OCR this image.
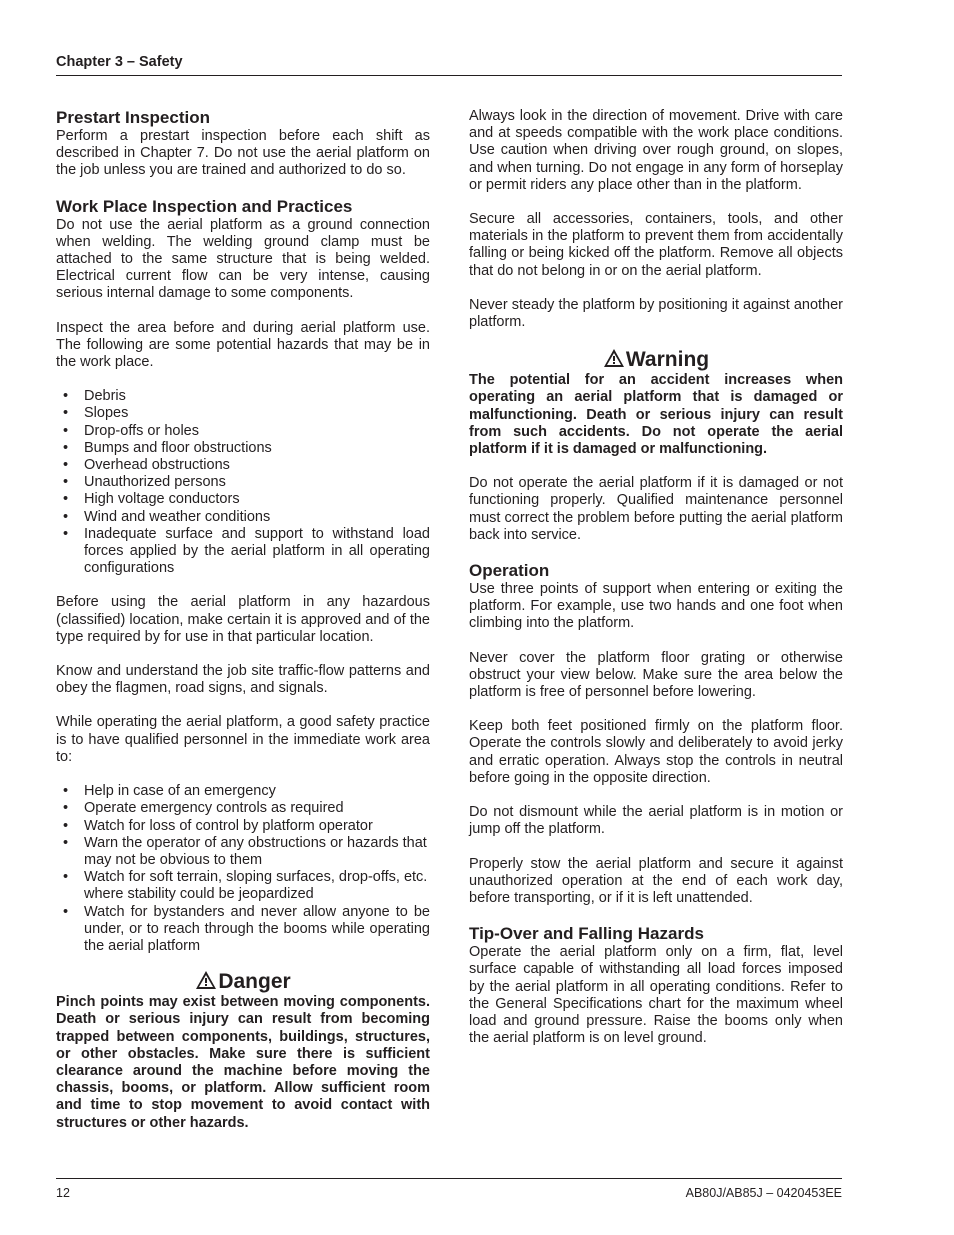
Chapter 3 – Safety
Prestart Inspection

Perform a prestart inspection before each shift as described in Chapter 7. Do not use the aerial platform on the job unless you are trained and authorized to do so.

Work Place Inspection and Practices

Do not use the aerial platform as a ground connection when welding. The welding ground clamp must be attached to the same structure that is being welded. Electrical current flow can be very intense, causing serious internal damage to some components.

Inspect the area before and during aerial platform use. The following are some potential hazards that may be in the work place.

• Debris
• Slopes
• Drop-offs or holes
• Bumps and floor obstructions
• Overhead obstructions
• Unauthorized persons
• High voltage conductors
• Wind and weather conditions
• Inadequate surface and support to withstand load forces applied by the aerial platform in all operating configurations

Before using the aerial platform in any hazardous (classified) location, make certain it is approved and of the type required by for use in that particular location.

Know and understand the job site traffic-flow patterns and obey the flagmen, road signs, and signals.

While operating the aerial platform, a good safety practice is to have qualified personnel in the immediate work area to:

• Help in case of an emergency
• Operate emergency controls as required
• Watch for loss of control by platform operator
• Warn the operator of any obstructions or hazards that may not be obvious to them
• Watch for soft terrain, sloping surfaces, drop-offs, etc. where stability could be jeopardized
• Watch for bystanders and never allow anyone to be under, or to reach through the booms while operating the aerial platform
Danger

Pinch points may exist between moving components. Death or serious injury can result from becoming trapped between components, buildings, structures, or other obstacles. Make sure there is sufficient clearance around the machine before moving the chassis, booms, or platform. Allow sufficient room and time to stop movement to avoid contact with structures or other hazards.

Always look in the direction of movement. Drive with care and at speeds compatible with the work place conditions. Use caution when driving over rough ground, on slopes, and when turning. Do not engage in any form of horseplay or permit riders any place other than in the platform.

Secure all accessories, containers, tools, and other materials in the platform to prevent them from accidentally falling or being kicked off the platform. Remove all objects that do not belong in or on the aerial platform.

Never steady the platform by positioning it against another platform.

Warning

The potential for an accident increases when operating an aerial platform that is damaged or malfunctioning. Death or serious injury can result from such accidents. Do not operate the aerial platform if it is damaged or malfunctioning.

Do not operate the aerial platform if it is damaged or not functioning properly. Qualified maintenance personnel must correct the problem before putting the aerial platform back into service.

Operation

Use three points of support when entering or exiting the platform. For example, use two hands and one foot when climbing into the platform.

Never cover the platform floor grating or otherwise obstruct your view below. Make sure the area below the platform is free of personnel before lowering.

Keep both feet positioned firmly on the platform floor. Operate the controls slowly and deliberately to avoid jerky and erratic operation. Always stop the controls in neutral before going in the opposite direction.

Do not dismount while the aerial platform is in motion or jump off the platform.

Properly stow the aerial platform and secure it against unauthorized operation at the end of each work day, before transporting, or if it is left unattended.

Tip-Over and Falling Hazards

Operate the aerial platform only on a firm, flat, level surface capable of withstanding all load forces imposed by the aerial platform in all operating conditions. Refer to the General Specifications chart for the maximum wheel load and ground pressure. Raise the booms only when the aerial platform is on level ground.

12	AB80J/AB85J – 0420453EE
